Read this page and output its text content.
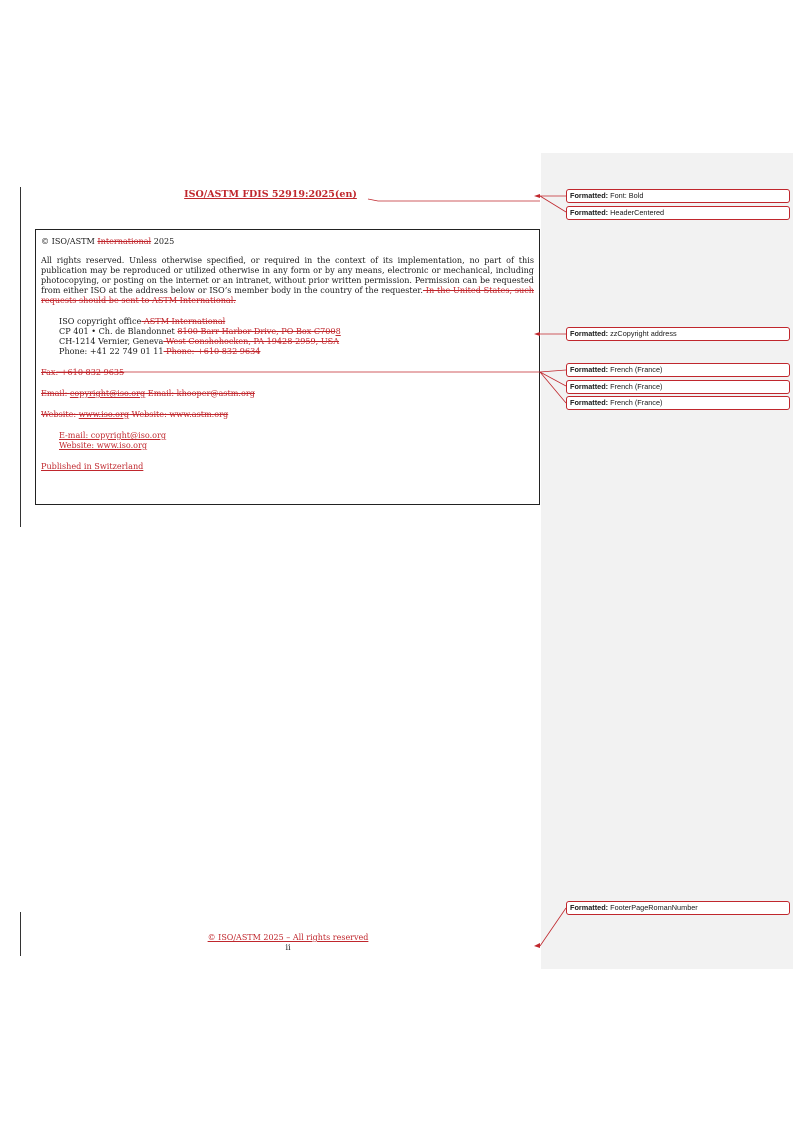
ISO/ASTM FDIS 52919:2025(en)

© ISO/ASTM International 2025

All rights reserved. Unless otherwise specified, or required in the context of its implementation, no part of this publication may be reproduced or utilized otherwise in any form or by any means, electronic or mechanical, including photocopying, or posting on the internet or an intranet, without prior written permission. Permission can be requested from either ISO at the address below or ISO’s member body in the country of the requester. In the United States, such requests should be sent to ASTM International.

ISO copyright office ASTM International

CP 401 • Ch. de Blandonnet 8100 Barr Harbor Drive, PO Box C7008

CH-1214 Vernier, Geneva West Conshohocken, PA 19428-2959, USA

Phone: +41 22 749 01 11 Phone: +610 832 9634

Fax: +610 832 9635

Email: copyright@iso.org Email: khooper@astm.org

Website: www.iso.org Website: www.astm.org

E-mail: copyright@iso.org

Website: www.iso.org

Published in Switzerland

© ISO/ASTM 2025 – All rights reserved
ii
Formatted: Font: Bold
Formatted: HeaderCentered
Formatted: zzCopyright address
Formatted: French (France)
Formatted: French (France)
Formatted: French (France)
Formatted: FooterPageRomanNumber
